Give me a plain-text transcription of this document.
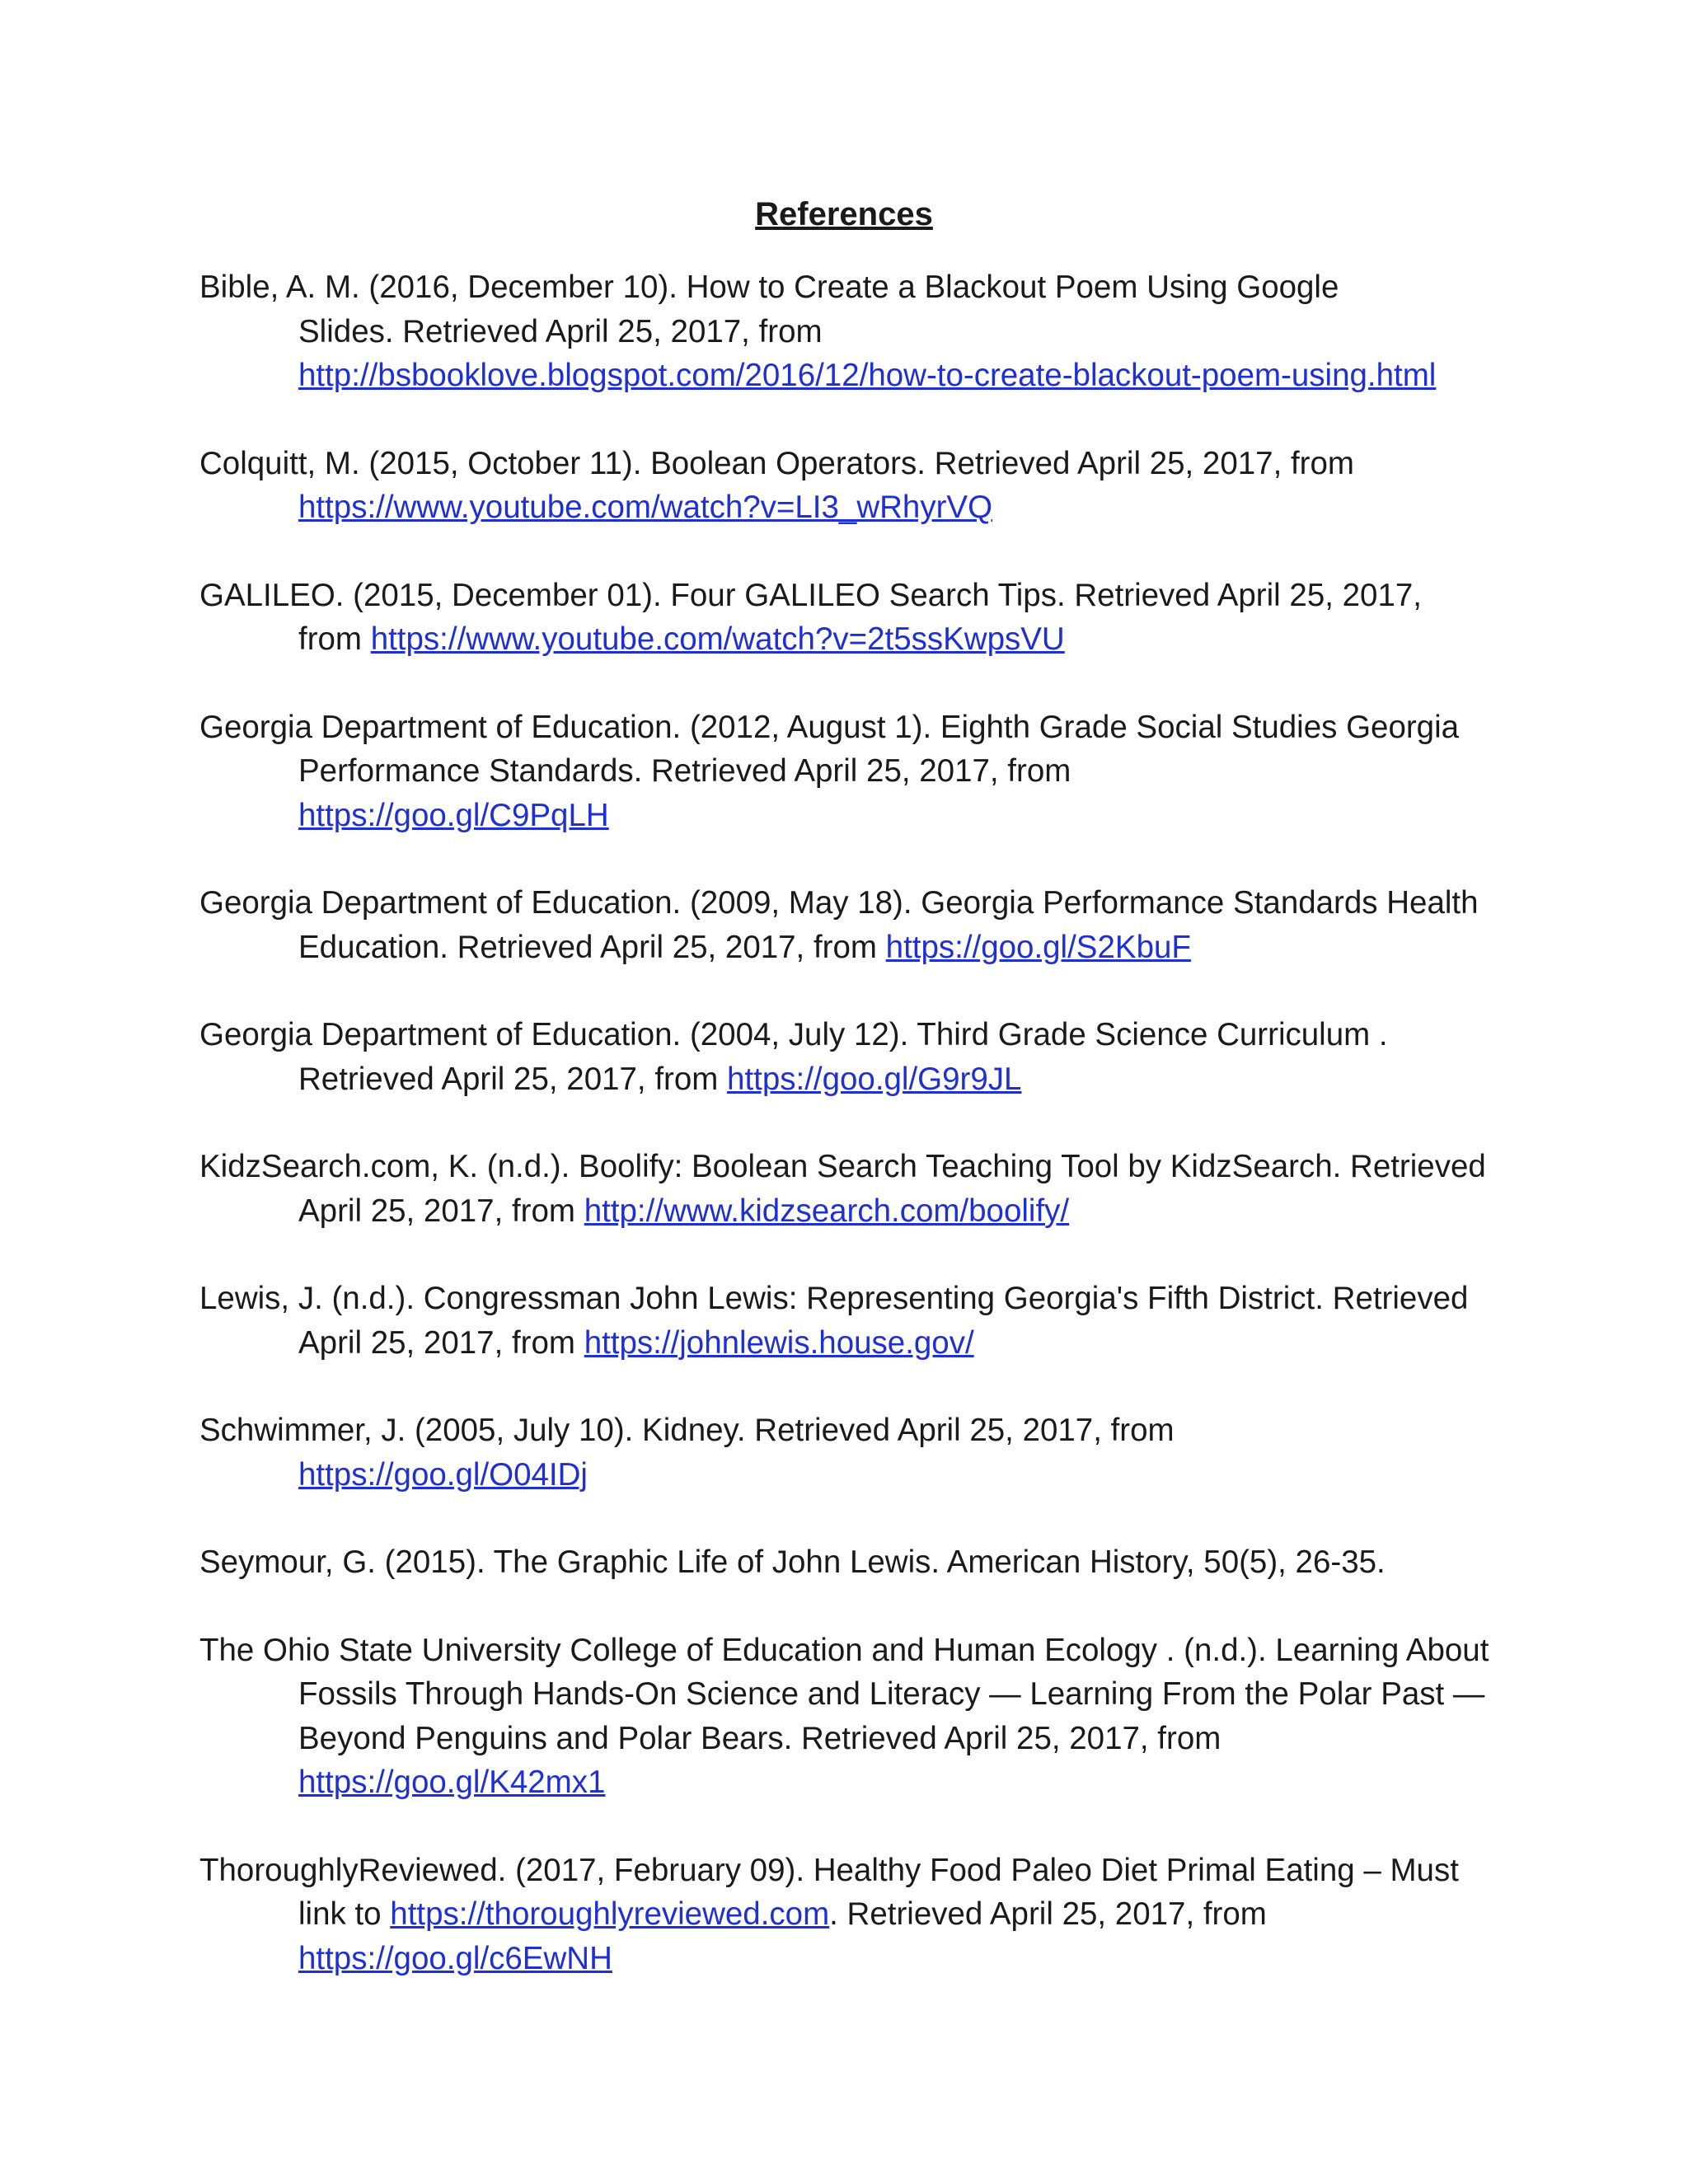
References
Bible, A. M. (2016, December 10). How to Create a Blackout Poem Using Google
Slides. Retrieved April 25, 2017, from
http://bsbooklove.blogspot.com/2016/12/how-to-create-blackout-poem-using.html
Colquitt, M. (2015, October 11). Boolean Operators. Retrieved April 25, 2017, from
https://www.youtube.com/watch?v=LI3_wRhyrVQ
GALILEO. (2015, December 01). Four GALILEO Search Tips. Retrieved April 25, 2017, from https://www.youtube.com/watch?v=2t5ssKwpsVU
Georgia Department of Education. (2012, August 1). Eighth Grade Social Studies Georgia Performance Standards. Retrieved April 25, 2017, from
https://goo.gl/C9PqLH
Georgia Department of Education. (2009, May 18). Georgia Performance Standards Health Education. Retrieved April 25, 2017, from https://goo.gl/S2KbuF
Georgia Department of Education. (2004, July 12). Third Grade Science Curriculum . Retrieved April 25, 2017, from https://goo.gl/G9r9JL
KidzSearch.com, K. (n.d.). Boolify: Boolean Search Teaching Tool by KidzSearch. Retrieved April 25, 2017, from http://www.kidzsearch.com/boolify/
Lewis, J. (n.d.). Congressman John Lewis: Representing Georgia's Fifth District. Retrieved April 25, 2017, from https://johnlewis.house.gov/
Schwimmer, J. (2005, July 10). Kidney. Retrieved April 25, 2017, from
https://goo.gl/O04IDj
Seymour, G. (2015). The Graphic Life of John Lewis. American History, 50(5), 26-35.
The Ohio State University College of Education and Human Ecology . (n.d.). Learning About Fossils Through Hands-On Science and Literacy — Learning From the Polar Past — Beyond Penguins and Polar Bears. Retrieved April 25, 2017, from
https://goo.gl/K42mx1
ThoroughlyReviewed. (2017, February 09). Healthy Food Paleo Diet Primal Eating – Must link to https://thoroughlyreviewed.com. Retrieved April 25, 2017, from
https://goo.gl/c6EwNH
